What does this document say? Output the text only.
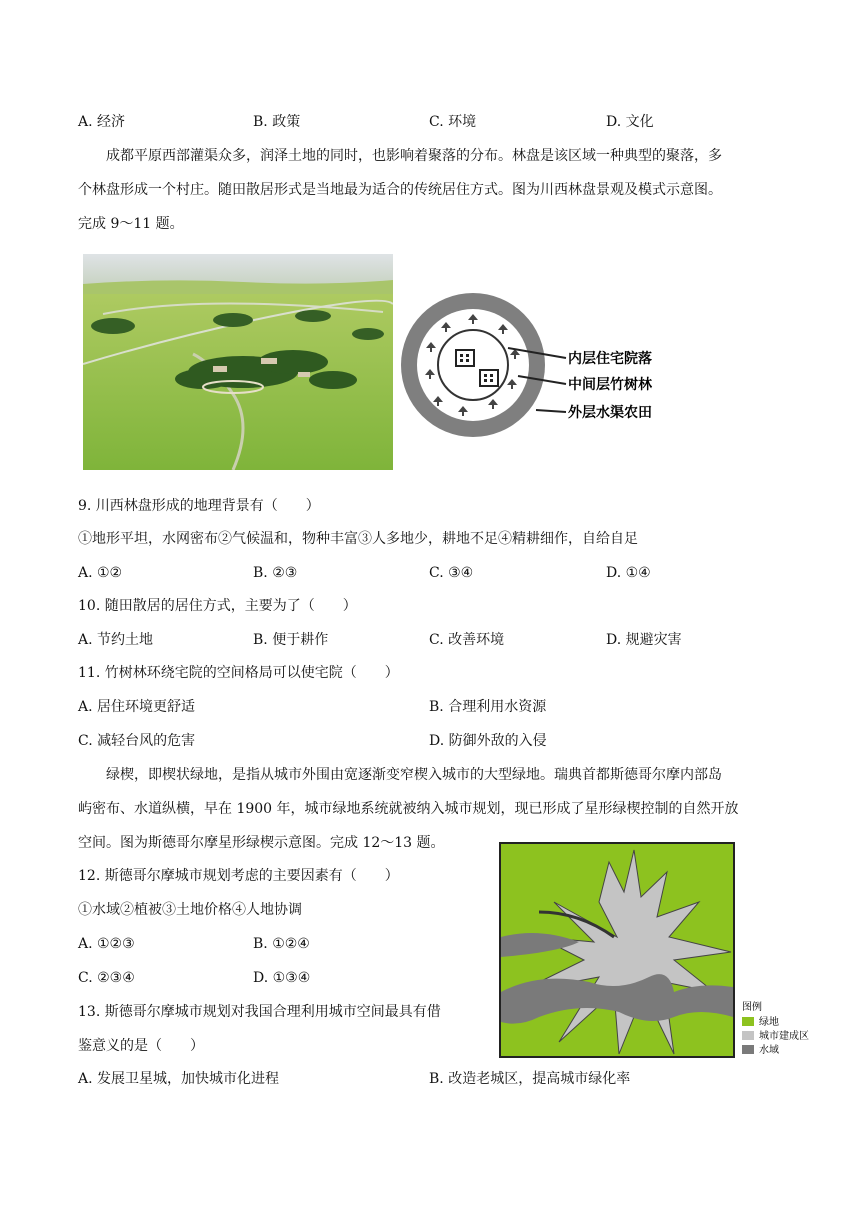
A. 经济	B. 政策	C. 环境	D. 文化
成都平原西部灌渠众多，润泽土地的同时，也影响着聚落的分布。林盘是该区域一种典型的聚落，多
个林盘形成一个村庄。随田散居形式是当地最为适合的传统居住方式。图为川西林盘景观及模式示意图。
完成 9～11 题。
内层住宅院落
中间层竹树林
外层水渠农田
9. 川西林盘形成的地理背景有（　　）
①地形平坦，水网密布②气候温和，物种丰富③人多地少，耕地不足④精耕细作，自给自足
A. ①②	B. ②③	C. ③④	D. ①④
10. 随田散居的居住方式，主要为了（　　）
A. 节约土地	B. 便于耕作	C. 改善环境	D. 规避灾害
11. 竹树林环绕宅院的空间格局可以使宅院（　　）
A. 居住环境更舒适	B. 合理利用水资源
C. 减轻台风的危害	D. 防御外敌的入侵
绿楔，即楔状绿地，是指从城市外围由宽逐渐变窄楔入城市的大型绿地。瑞典首都斯德哥尔摩内部岛
屿密布、水道纵横，早在 1900 年，城市绿地系统就被纳入城市规划，现已形成了星形绿楔控制的自然开放
空间。图为斯德哥尔摩星形绿楔示意图。完成 12～13 题。
12. 斯德哥尔摩城市规划考虑的主要因素有（　　）
①水域②植被③土地价格④人地协调
A. ①②③	B. ①②④
C. ②③④	D. ①③④
13. 斯德哥尔摩城市规划对我国合理利用城市空间最具有借
鉴意义的是（　　）
A. 发展卫星城，加快城市化进程	B. 改造老城区，提高城市绿化率
图例
绿地
城市建成区
水域
